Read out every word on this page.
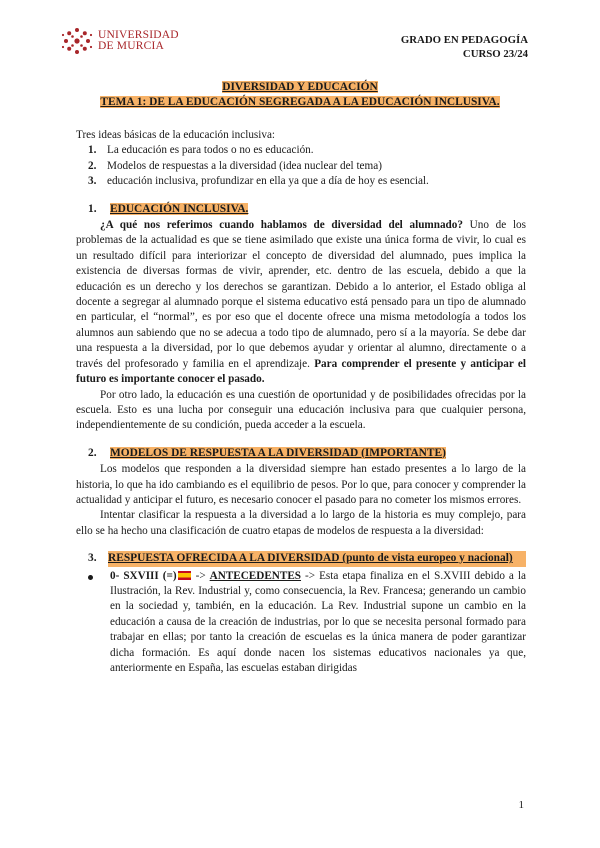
UNIVERSIDAD
DE MURCIA	GRADO EN PEDAGOGÍA
CURSO 23/24
DIVERSIDAD Y EDUCACIÓN
TEMA 1: DE LA EDUCACIÓN SEGREGADA A LA EDUCACIÓN INCLUSIVA.

Tres ideas básicas de la educación inclusiva:

1. La educación es para todos o no es educación.
2. Modelos de respuestas a la diversidad (idea nuclear del tema)
3. educación inclusiva, profundizar en ella ya que a día de hoy es esencial.
1. EDUCACIÓN INCLUSIVA.

¿A qué nos referimos cuando hablamos de diversidad del alumnado? Uno de los problemas de la actualidad es que se tiene asimilado que existe una única forma de vivir, lo cual es un resultado difícil para interiorizar el concepto de diversidad del alumnado, pues implica la existencia de diversas formas de vivir, aprender, etc. dentro de las escuela, debido a que la educación es un derecho y los derechos se garantizan. Debido a lo anterior, el Estado obliga al docente a segregar al alumnado porque el sistema educativo está pensado para un tipo de alumnado en particular, el “normal”, es por eso que el docente ofrece una misma metodología a todos los alumnos aun sabiendo que no se adecua a todo tipo de alumnado, pero sí a la mayoría. Se debe dar una respuesta a la diversidad, por lo que debemos ayudar y orientar al alumno, directamente o a través del profesorado y familia en el aprendizaje. Para comprender el presente y anticipar el futuro es importante conocer el pasado.

Por otro lado, la educación es una cuestión de oportunidad y de posibilidades ofrecidas por la escuela. Esto es una lucha por conseguir una educación inclusiva para que cualquier persona, independientemente de su condición, pueda acceder a la escuela.

2. MODELOS DE RESPUESTA A LA DIVERSIDAD (IMPORTANTE)

Los modelos que responden a la diversidad siempre han estado presentes a lo largo de la historia, lo que ha ido cambiando es el equilibrio de pesos. Por lo que, para conocer y comprender la actualidad y anticipar el futuro, es necesario conocer el pasado para no cometer los mismos errores.

Intentar clasificar la respuesta a la diversidad a lo largo de la historia es muy complejo, para ello se ha hecho una clasificación de cuatro etapas de modelos de respuesta a la diversidad:

3.	RESPUESTA OFRECIDA A LA DIVERSIDAD (punto de vista europeo y nacional)
0- SXVIII (=) -> ANTECEDENTES -> Esta etapa finaliza en el S.XVIII debido a la Ilustración, la Rev. Industrial y, como consecuencia, la Rev. Francesa; generando un cambio en la sociedad y, también, en la educación. La Rev. Industrial supone un cambio en la educación a causa de la creación de industrias, por lo que se necesita personal formado para trabajar en ellas; por tanto la creación de escuelas es la única manera de poder garantizar dicha formación. Es aquí donde nacen los sistemas educativos nacionales ya que, anteriormente en España, las escuelas estaban dirigidas
1
